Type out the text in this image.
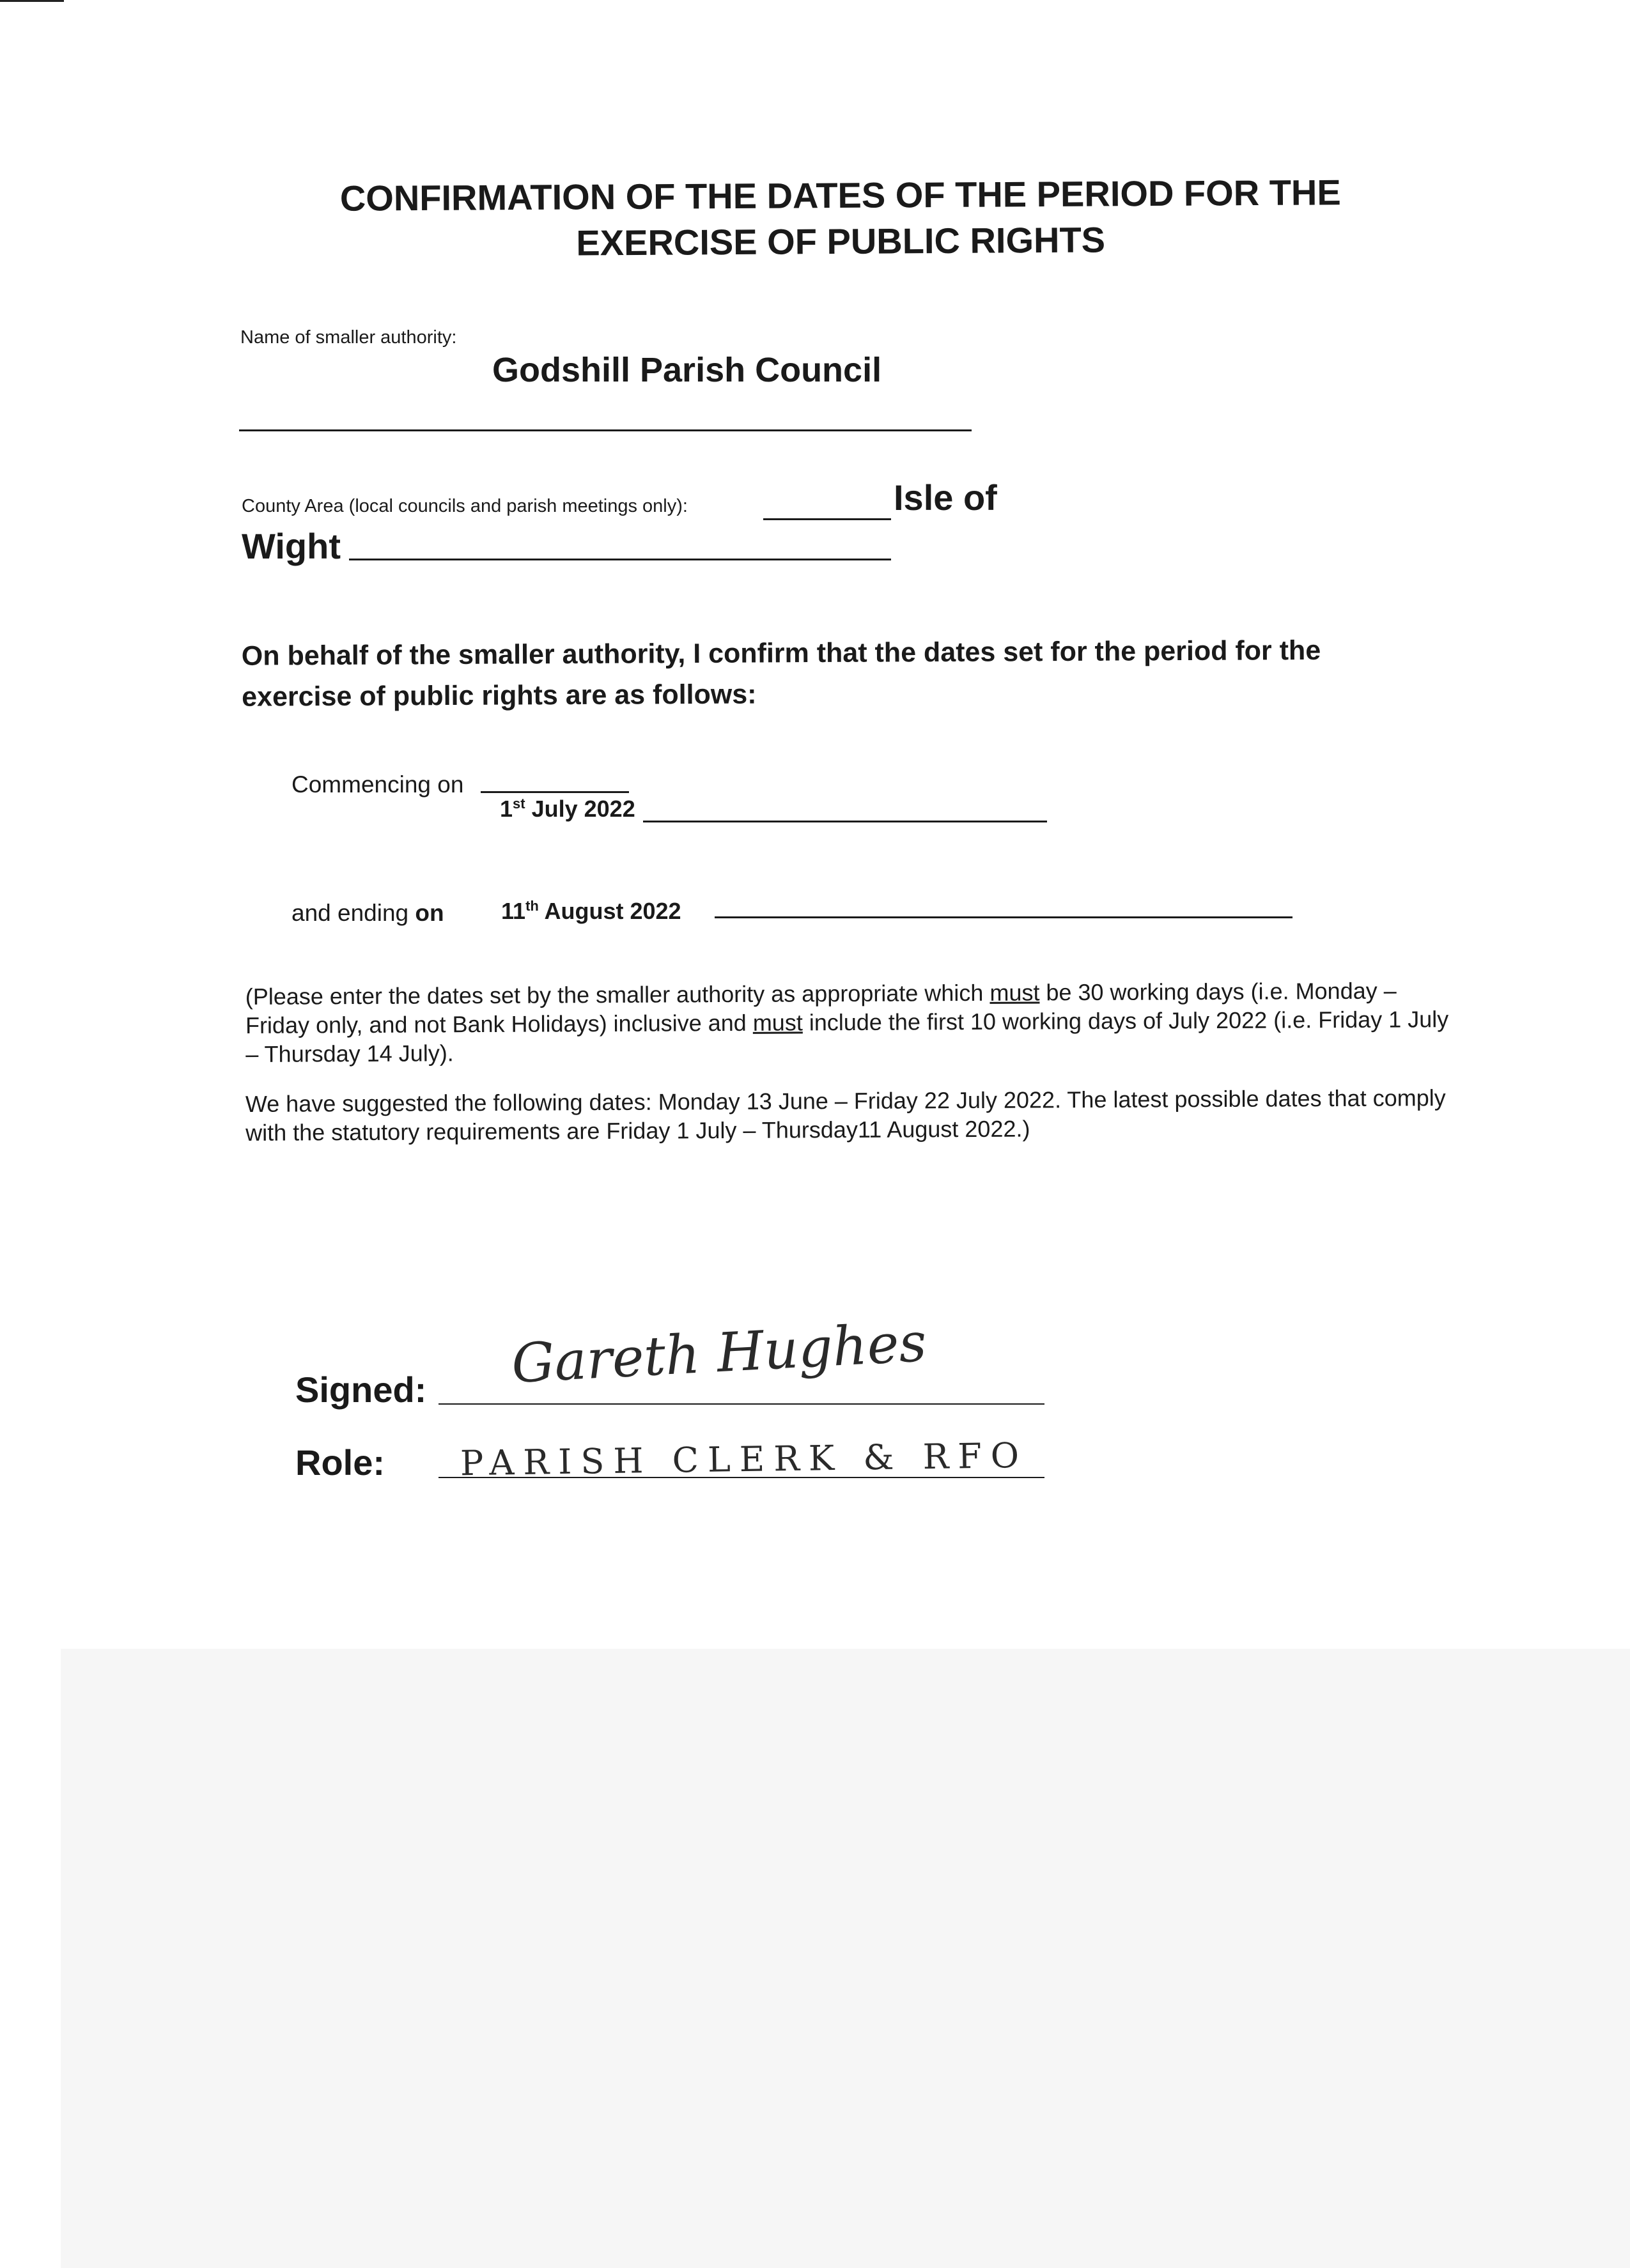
CONFIRMATION OF THE DATES OF THE PERIOD FOR THE
EXERCISE OF PUBLIC RIGHTS
Name of smaller authority:
Godshill Parish Council
County Area (local councils and parish meetings only):	Isle of
Wight
On behalf of the smaller authority, I confirm that the dates set for the period for the exercise of public rights are as follows:
Commencing on
1st July 2022
and ending on 11th August 2022
(Please enter the dates set by the smaller authority as appropriate which must be 30 working days (i.e. Monday – Friday only, and not Bank Holidays) inclusive and must include the first 10 working days of July 2022 (i.e. Friday 1 July – Thursday 14 July).
We have suggested the following dates: Monday 13 June – Friday 22 July 2022. The latest possible dates that comply with the statutory requirements are Friday 1 July – Thursday11 August 2022.)
Signed: Gareth Hughes
Role: PARISH CLERK & RFO
